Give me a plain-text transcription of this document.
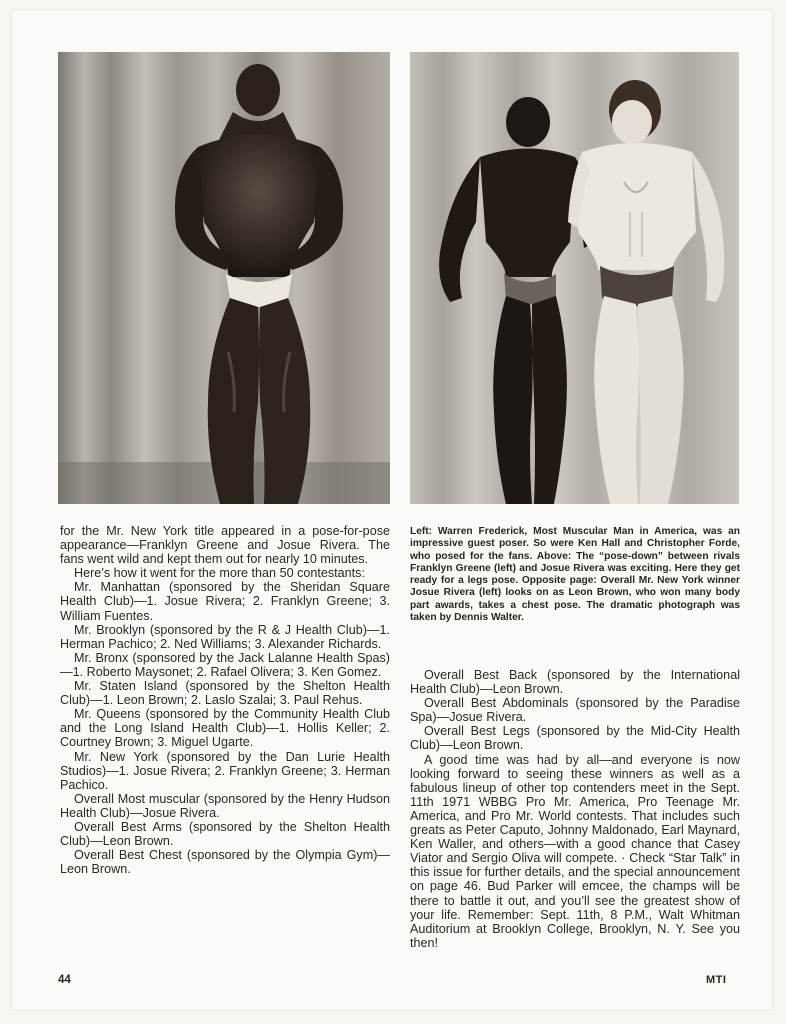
for the Mr. New York title appeared in a pose-for-pose appearance—Franklyn Greene and Josue Rivera. The fans went wild and kept them out for nearly 10 minutes.

Here’s how it went for the more than 50 contestants:

Mr. Manhattan (sponsored by the Sheridan Square Health Club)—1. Josue Rivera; 2. Franklyn Greene; 3. William Fuentes.

Mr. Brooklyn (sponsored by the R & J Health Club)—1. Herman Pachico; 2. Ned Williams; 3. Alexander Richards.

Mr. Bronx (sponsored by the Jack Lalanne Health Spas)—1. Roberto Maysonet; 2. Rafael Olivera; 3. Ken Gomez.

Mr. Staten Island (sponsored by the Shelton Health Club)—1. Leon Brown; 2. Laslo Szalai; 3. Paul Rehus.

Mr. Queens (sponsored by the Community Health Club and the Long Island Health Club)—1. Hollis Keller; 2. Courtney Brown; 3. Miguel Ugarte.

Mr. New York (sponsored by the Dan Lurie Health Studios)—1. Josue Rivera; 2. Franklyn Greene; 3. Herman Pachico.

Overall Most muscular (sponsored by the Henry Hudson Health Club)—Josue Rivera.

Overall Best Arms (sponsored by the Shelton Health Club)—Leon Brown.

Overall Best Chest (sponsored by the Olympia Gym)—Leon Brown.

Left: Warren Frederick, Most Muscular Man in America, was an impressive guest poser. So were Ken Hall and Christopher Forde, who posed for the fans. Above: The “pose-down” between rivals Franklyn Greene (left) and Josue Rivera was exciting. Here they get ready for a legs pose. Opposite page: Overall Mr. New York winner Josue Rivera (left) looks on as Leon Brown, who won many body part awards, takes a chest pose. The dramatic photograph was taken by Dennis Walter.

Overall Best Back (sponsored by the International Health Club)—Leon Brown.

Overall Best Abdominals (sponsored by the Paradise Spa)—Josue Rivera.

Overall Best Legs (sponsored by the Mid-City Health Club)—Leon Brown.

A good time was had by all—and everyone is now looking forward to seeing these winners as well as a fabulous lineup of other top contenders meet in the Sept. 11th 1971 WBBG Pro Mr. America, Pro Teenage Mr. America, and Pro Mr. World contests. That includes such greats as Peter Caputo, Johnny Maldonado, Earl Maynard, Ken Waller, and others—with a good chance that Casey Viator and Sergio Oliva will compete. · Check “Star Talk” in this issue for further details, and the special announcement on page 46. Bud Parker will emcee, the champs will be there to battle it out, and you’ll see the greatest show of your life. Remember: Sept. 11th, 8 P.M., Walt Whitman Auditorium at Brooklyn College, Brooklyn, N. Y. See you then!

44	MTI
